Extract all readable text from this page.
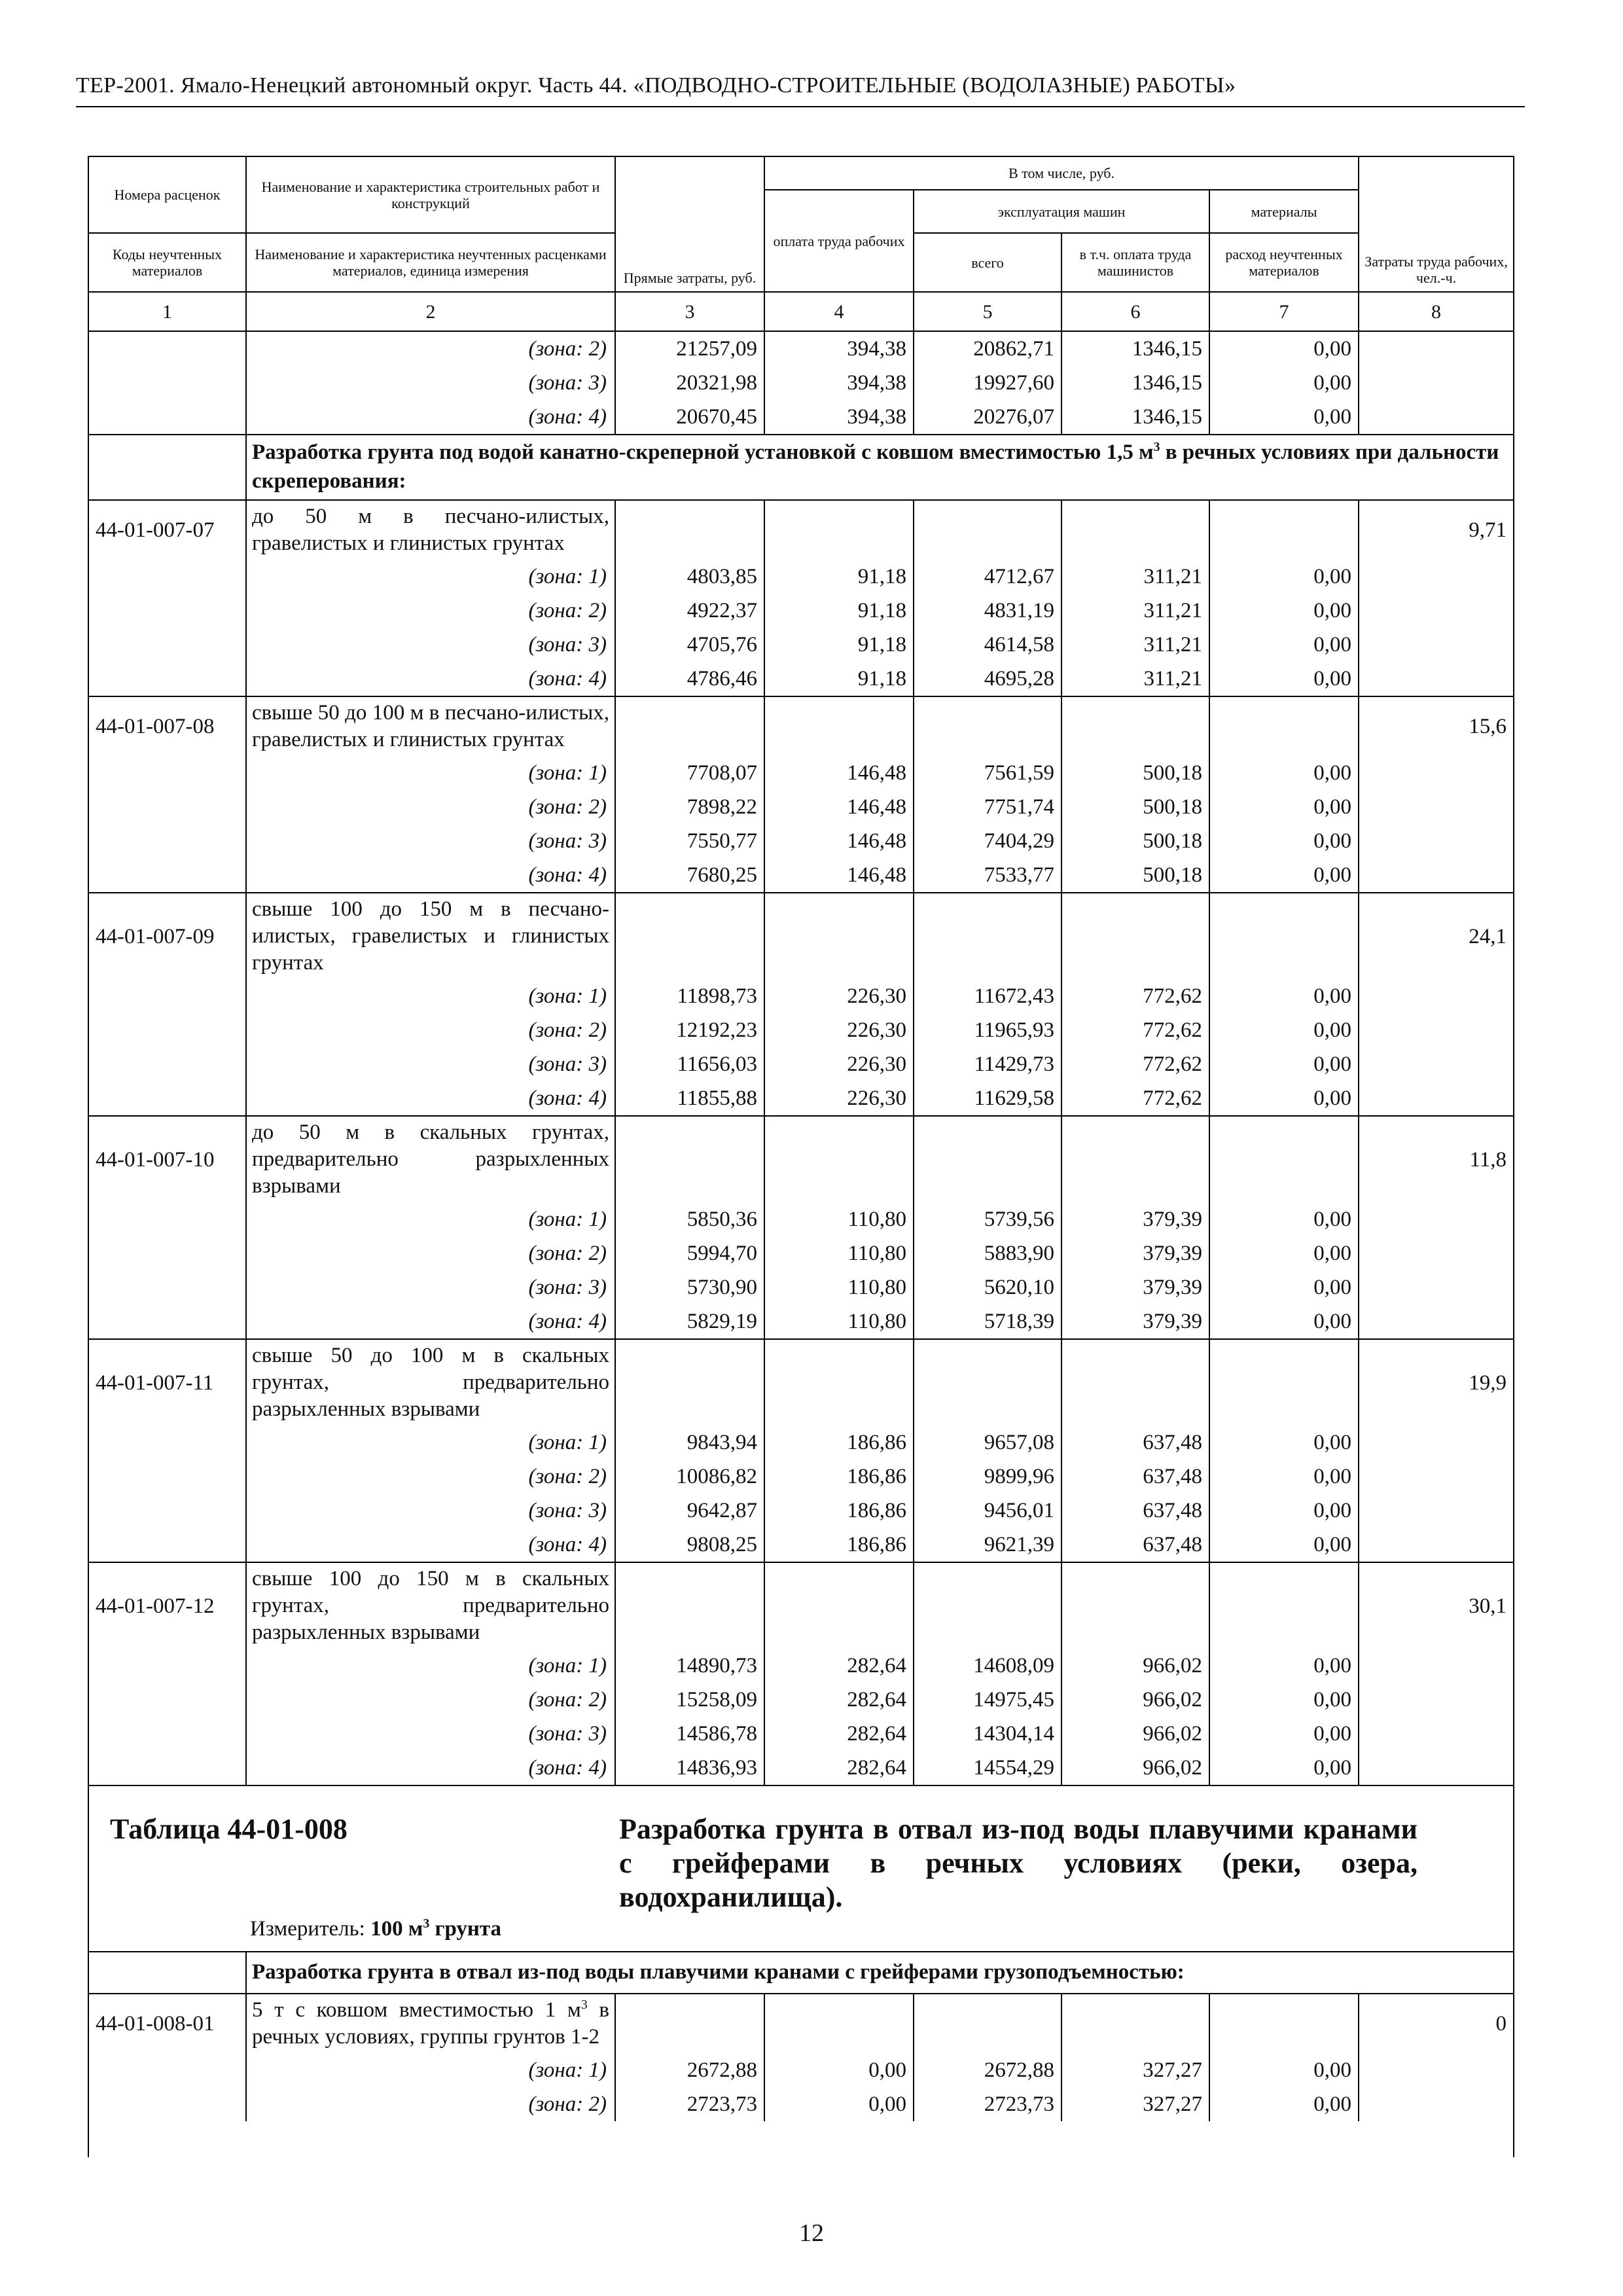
ТЕР-2001. Ямало-Ненецкий автономный округ. Часть 44. «ПОДВОДНО-СТРОИТЕЛЬНЫЕ (ВОДОЛАЗНЫЕ) РАБОТЫ»
Номера расценок	Наименование и характеристика строительных работ и конструкций	Прямые затраты, руб.	В том числе, руб.				Затраты труда рабочих, чел.-ч.
			оплата труда рабочих	эксплуатация машин		материалы	
Коды неучтенных материалов	Наименование и характеристика неучтенных расценками материалов, единица измерения			всего	в т.ч. оплата труда машинистов	расход неучтенных материалов	
1	2	3	4	5	6	7	8
	(зона: 2)	21257,09	394,38	20862,71	1346,15	0,00	
	(зона: 3)	20321,98	394,38	19927,60	1346,15	0,00	
	(зона: 4)	20670,45	394,38	20276,07	1346,15	0,00	
	Разработка грунта под водой канатно-скреперной установкой с ковшом вместимостью 1,5 $м^3$ в речных условиях при дальности скреперования:						
44-01-007-07	до 50 м в песчано-илистых, гравелистых и глинистых грунтах						9,71
	(зона: 1)	4803,85	91,18	4712,67	311,21	0,00	
	(зона: 2)	4922,37	91,18	4831,19	311,21	0,00	
	(зона: 3)	4705,76	91,18	4614,58	311,21	0,00	
	(зона: 4)	4786,46	91,18	4695,28	311,21	0,00	
44-01-007-08	свыше 50 до 100 м в песчано-илистых, гравелистых и глинистых грунтах						15,6
	(зона: 1)	7708,07	146,48	7561,59	500,18	0,00	
	(зона: 2)	7898,22	146,48	7751,74	500,18	0,00	
	(зона: 3)	7550,77	146,48	7404,29	500,18	0,00	
	(зона: 4)	7680,25	146,48	7533,77	500,18	0,00	
44-01-007-09	свыше 100 до 150 м в песчано-илистых, гравелистых и глинистых грунтах						24,1
	(зона: 1)	11898,73	226,30	11672,43	772,62	0,00	
	(зона: 2)	12192,23	226,30	11965,93	772,62	0,00	
	(зона: 3)	11656,03	226,30	11429,73	772,62	0,00	
	(зона: 4)	11855,88	226,30	11629,58	772,62	0,00	
44-01-007-10	до 50 м в скальных грунтах, предварительно разрыхленных взрывами						11,8
	(зона: 1)	5850,36	110,80	5739,56	379,39	0,00	
	(зона: 2)	5994,70	110,80	5883,90	379,39	0,00	
	(зона: 3)	5730,90	110,80	5620,10	379,39	0,00	
	(зона: 4)	5829,19	110,80	5718,39	379,39	0,00	
44-01-007-11	свыше 50 до 100 м в скальных грунтах, предварительно разрыхленных взрывами						19,9
	(зона: 1)	9843,94	186,86	9657,08	637,48	0,00	
	(зона: 2)	10086,82	186,86	9899,96	637,48	0,00	
	(зона: 3)	9642,87	186,86	9456,01	637,48	0,00	
	(зона: 4)	9808,25	186,86	9621,39	637,48	0,00	
44-01-007-12	свыше 100 до 150 м в скальных грунтах, предварительно разрыхленных взрывами						30,1
	(зона: 1)	14890,73	282,64	14608,09	966,02	0,00	
	(зона: 2)	15258,09	282,64	14975,45	966,02	0,00	
	(зона: 3)	14586,78	282,64	14304,14	966,02	0,00	
	(зона: 4)	14836,93	282,64	14554,29	966,02	0,00	
Таблица 44-01-008	Разработка грунта в отвал из-под воды плавучими кранами с грейферами в речных условиях (реки, озера, водохранилища).
Измеритель: 100 $м^3$ грунта
	Разработка грунта в отвал из-под воды плавучими кранами с грейферами грузоподъемностью:						
44-01-008-01	5 т с ковшом вместимостью 1 $м^3$ в речных условиях, группы грунтов 1-2						0
	(зона: 1)	2672,88	0,00	2672,88	327,27	0,00	
	(зона: 2)	2723,73	0,00	2723,73	327,27	0,00	
12
